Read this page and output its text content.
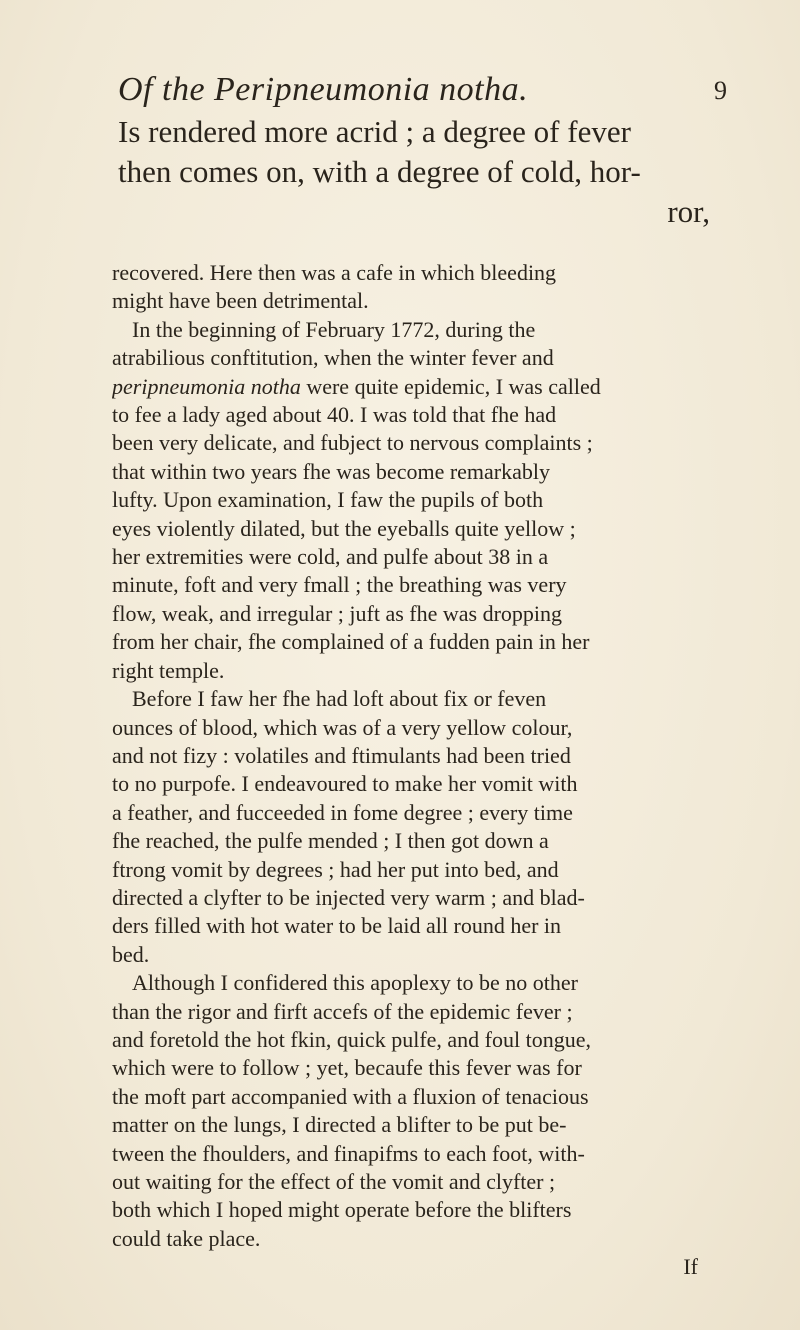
Of the Peripneumonia notha.	9
Is rendered more acrid ; a degree of fever
then comes on, with a degree of cold, hor-
ror,
recovered. Here then was a cafe in which bleeding
might have been detrimental.
In the beginning of February 1772, during the
atrabilious conftitution, when the winter fever and
peripneumonia notha were quite epidemic, I was called
to fee a lady aged about 40. I was told that fhe had
been very delicate, and fubject to nervous complaints ;
that within two years fhe was become remarkably
lufty. Upon examination, I faw the pupils of both
eyes violently dilated, but the eyeballs quite yellow ;
her extremities were cold, and pulfe about 38 in a
minute, foft and very fmall ; the breathing was very
flow, weak, and irregular ; juft as fhe was dropping
from her chair, fhe complained of a fudden pain in her
right temple.
Before I faw her fhe had loft about fix or feven
ounces of blood, which was of a very yellow colour,
and not fizy : volatiles and ftimulants had been tried
to no purpofe. I endeavoured to make her vomit with
a feather, and fucceeded in fome degree ; every time
fhe reached, the pulfe mended ; I then got down a
ftrong vomit by degrees ; had her put into bed, and
directed a clyfter to be injected very warm ; and blad-
ders filled with hot water to be laid all round her in
bed.
Although I confidered this apoplexy to be no other
than the rigor and firft accefs of the epidemic fever ;
and foretold the hot fkin, quick pulfe, and foul tongue,
which were to follow ; yet, becaufe this fever was for
the moft part accompanied with a fluxion of tenacious
matter on the lungs, I directed a blifter to be put be-
tween the fhoulders, and finapifms to each foot, with-
out waiting for the effect of the vomit and clyfter ;
both which I hoped might operate before the blifters
could take place.
If
